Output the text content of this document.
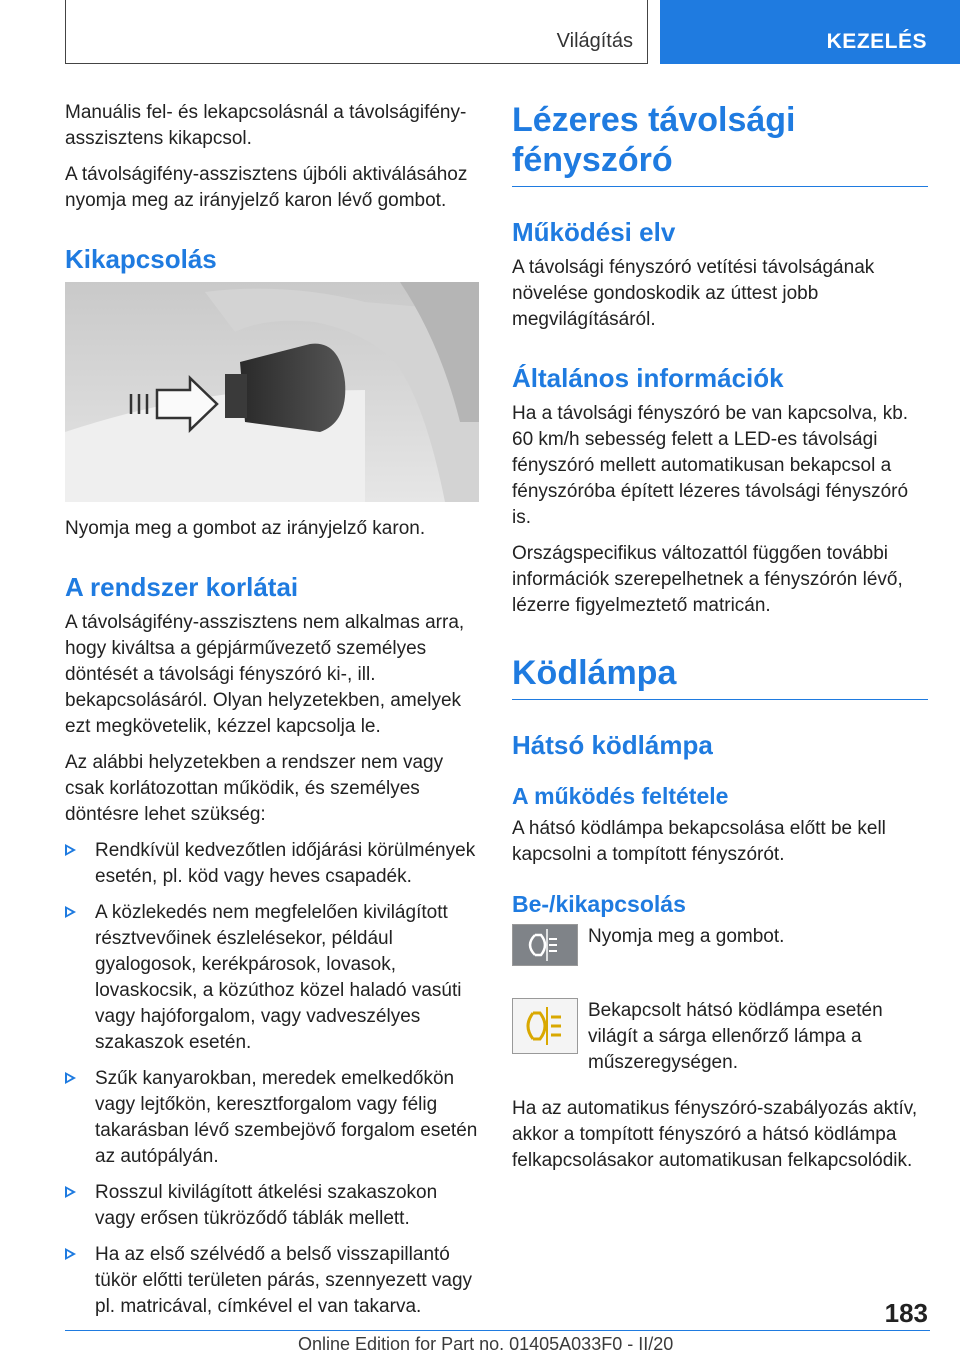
Világítás	KEZELÉS

Manuális fel- és lekapcsolásnál a távolságifény-asszisztens kikapcsol.

A távolságifény-asszisztens újbóli aktiválásához nyomja meg az irányjelző karon lévő gombot.

Kikapcsolás

Nyomja meg a gombot az irányjelző karon.

A rendszer korlátai

A távolságifény-asszisztens nem alkalmas arra, hogy kiváltsa a gépjárművezető személyes döntését a távolsági fényszóró ki-, ill. bekapcsolásáról. Olyan helyzetekben, amelyek ezt megkövetelik, kézzel kapcsolja le.

Az alábbi helyzetekben a rendszer nem vagy csak korlátozottan működik, és személyes döntésre lehet szükség:

Rendkívül kedvezőtlen időjárási körülmények esetén, pl. köd vagy heves csapadék.
A közlekedés nem megfelelően kivilágított résztvevőinek észlelésekor, például gyalogosok, kerékpárosok, lovasok, lovaskocsik, a közúthoz közel haladó vasúti vagy hajóforgalom, vagy vadveszélyes szakaszok esetén.
Szűk kanyarokban, meredek emelkedőkön vagy lejtőkön, keresztforgalom vagy félig takarásban lévő szembejövő forgalom esetén az autópályán.
Rosszul kivilágított átkelési szakaszokon vagy erősen tükröződő táblák mellett.
Ha az első szélvédő a belső visszapillantó tükör előtti területen párás, szennyezett vagy pl. matricával, címkével el van takarva.
Lézeres távolsági fényszóró
Működési elv

A távolsági fényszóró vetítési távolságának növelése gondoskodik az úttest jobb megvilágításáról.

Általános információk

Ha a távolsági fényszóró be van kapcsolva, kb. 60 km/h sebesség felett a LED-es távolsági fényszóró mellett automatikusan bekapcsol a fényszóróba épített lézeres távolsági fényszóró is.

Országspecifikus változattól függően további információk szerepelhetnek a fényszórón lévő, lézerre figyelmeztető matricán.

Ködlámpa
Hátsó ködlámpa
A működés feltétele

A hátsó ködlámpa bekapcsolása előtt be kell kapcsolni a tompított fényszórót.

Be-/kikapcsolás

Nyomja meg a gombot.

Bekapcsolt hátsó ködlámpa esetén világít a sárga ellenőrző lámpa a műszeregységen.

Ha az automatikus fényszóró-szabályozás aktív, akkor a tompított fényszóró a hátsó ködlámpa felkapcsolásakor automatikusan felkapcsolódik.

183
Online Edition for Part no. 01405A033F0 - II/20
